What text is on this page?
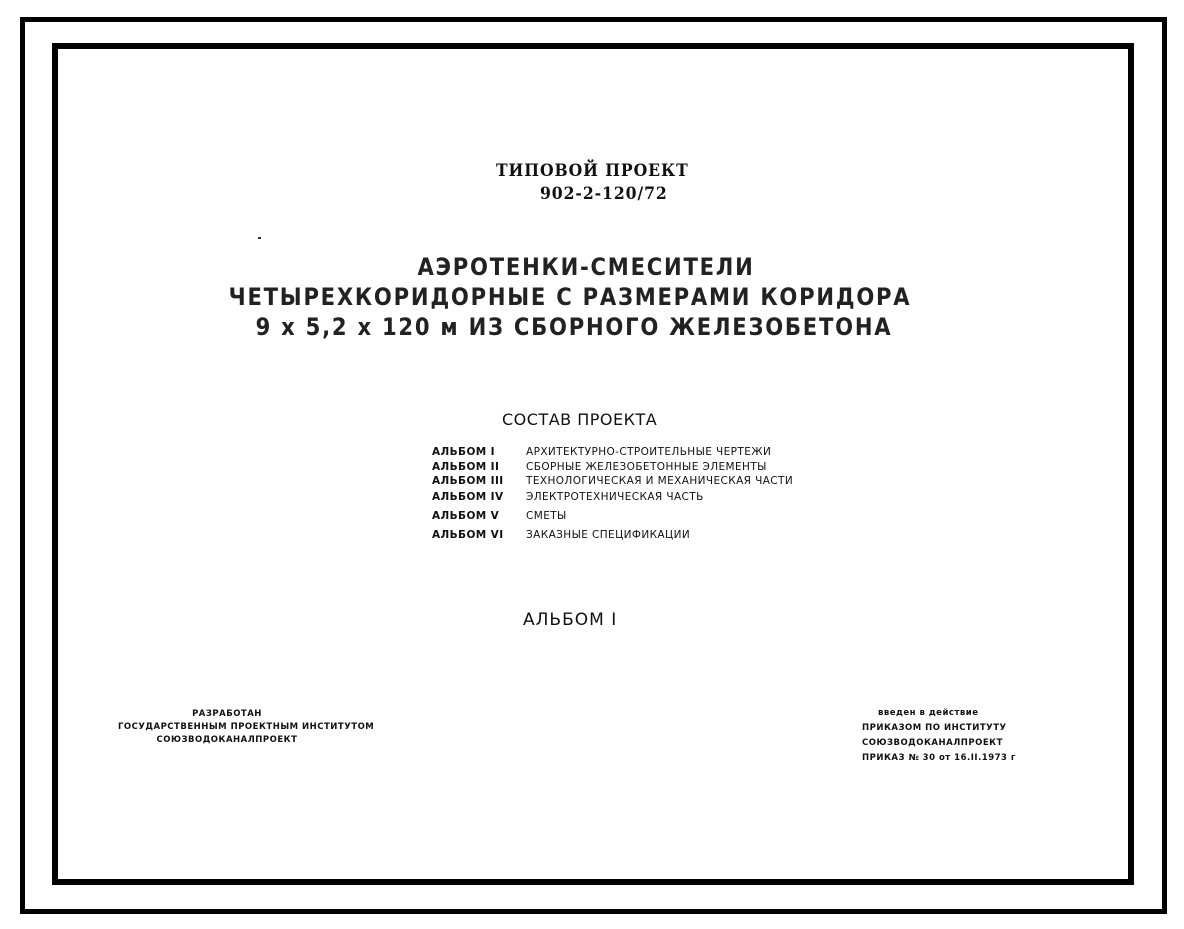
ТИПОВОЙ ПРОЕКТ
902-2-120/72
АЭРОТЕНКИ-СМЕСИТЕЛИ
ЧЕТЫРЕХКОРИДОРНЫЕ С РАЗМЕРАМИ КОРИДОРА
9 х 5,2 х 120 м ИЗ СБОРНОГО ЖЕЛЕЗОБЕТОНА
СОСТАВ ПРОЕКТА
АЛЬБОМ I	АРХИТЕКТУРНО-СТРОИТЕЛЬНЫЕ ЧЕРТЕЖИ
АЛЬБОМ II	СБОРНЫЕ ЖЕЛЕЗОБЕТОННЫЕ ЭЛЕМЕНТЫ
АЛЬБОМ III ТЕХНОЛОГИЧЕСКАЯ И МЕХАНИЧЕСКАЯ ЧАСТИ
АЛЬБОМ IV ЭЛЕКТРОТЕХНИЧЕСКАЯ ЧАСТЬ
АЛЬБОМ V	СМЕТЫ
АЛЬБОМ VI ЗАКАЗНЫЕ СПЕЦИФИКАЦИИ
АЛЬБОМ I
РАЗРАБОТАН
ГОСУДАРСТВЕННЫМ ПРОЕКТНЫМ ИНСТИТУТОМ
СОЮЗВОДОКАНАЛПРОЕКТ
введен в действие
ПРИКАЗОМ ПО ИНСТИТУТУ
СОЮЗВОДОКАНАЛПРОЕКТ
ПРИКАЗ № 30 от 16.II.1973 г
